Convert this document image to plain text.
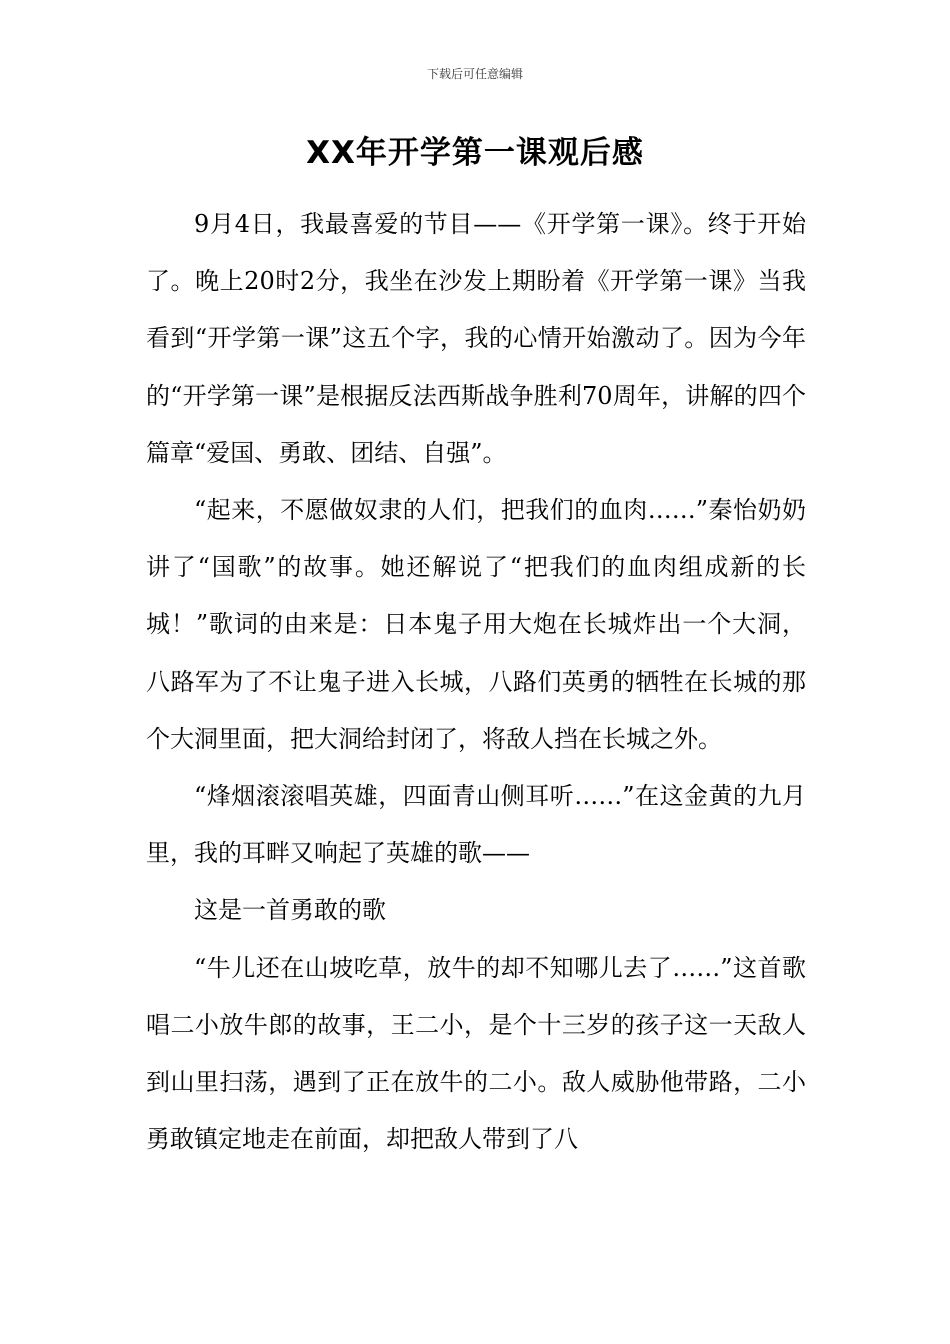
下载后可任意编辑
XX年开学第一课观后感

9月4日，我最喜爱的节目——《开学第一课》。终于开始了。晚上20时2分，我坐在沙发上期盼着《开学第一课》当我看到“开学第一课”这五个字，我的心情开始激动了。因为今年的“开学第一课”是根据反法西斯战争胜利70周年，讲解的四个篇章“爱国、勇敢、团结、自强”。

“起来，不愿做奴隶的人们，把我们的血肉……”秦怡奶奶讲了“国歌”的故事。她还解说了“把我们的血肉组成新的长城！”歌词的由来是：日本鬼子用大炮在长城炸出一个大洞，八路军为了不让鬼子进入长城，八路们英勇的牺牲在长城的那个大洞里面，把大洞给封闭了，将敌人挡在长城之外。

“烽烟滚滚唱英雄，四面青山侧耳听……”在这金黄的九月里，我的耳畔又响起了英雄的歌——

这是一首勇敢的歌

“牛儿还在山坡吃草，放牛的却不知哪儿去了……”这首歌唱二小放牛郎的故事，王二小，是个十三岁的孩子这一天敌人到山里扫荡，遇到了正在放牛的二小。敌人威胁他带路，二小勇敢镇定地走在前面，却把敌人带到了八
